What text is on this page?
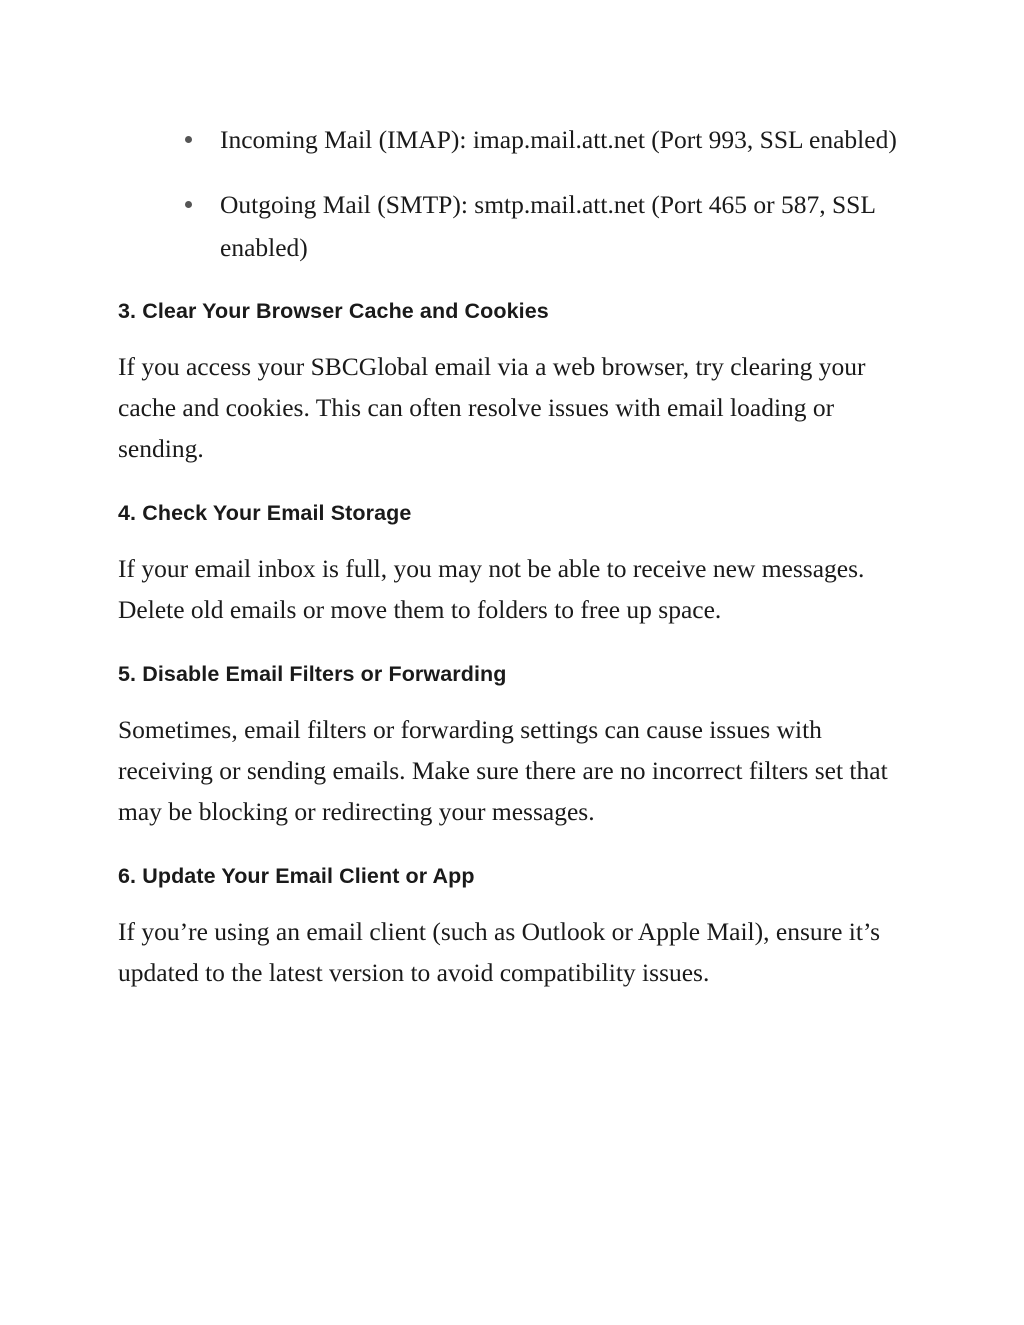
Incoming Mail (IMAP): imap.mail.att.net (Port 993, SSL enabled)
Outgoing Mail (SMTP): smtp.mail.att.net (Port 465 or 587, SSL enabled)
3. Clear Your Browser Cache and Cookies

If you access your SBCGlobal email via a web browser, try clearing your cache and cookies. This can often resolve issues with email loading or sending.

4. Check Your Email Storage

If your email inbox is full, you may not be able to receive new messages. Delete old emails or move them to folders to free up space.

5. Disable Email Filters or Forwarding

Sometimes, email filters or forwarding settings can cause issues with receiving or sending emails. Make sure there are no incorrect filters set that may be blocking or redirecting your messages.

6. Update Your Email Client or App

If you’re using an email client (such as Outlook or Apple Mail), ensure it’s updated to the latest version to avoid compatibility issues.
